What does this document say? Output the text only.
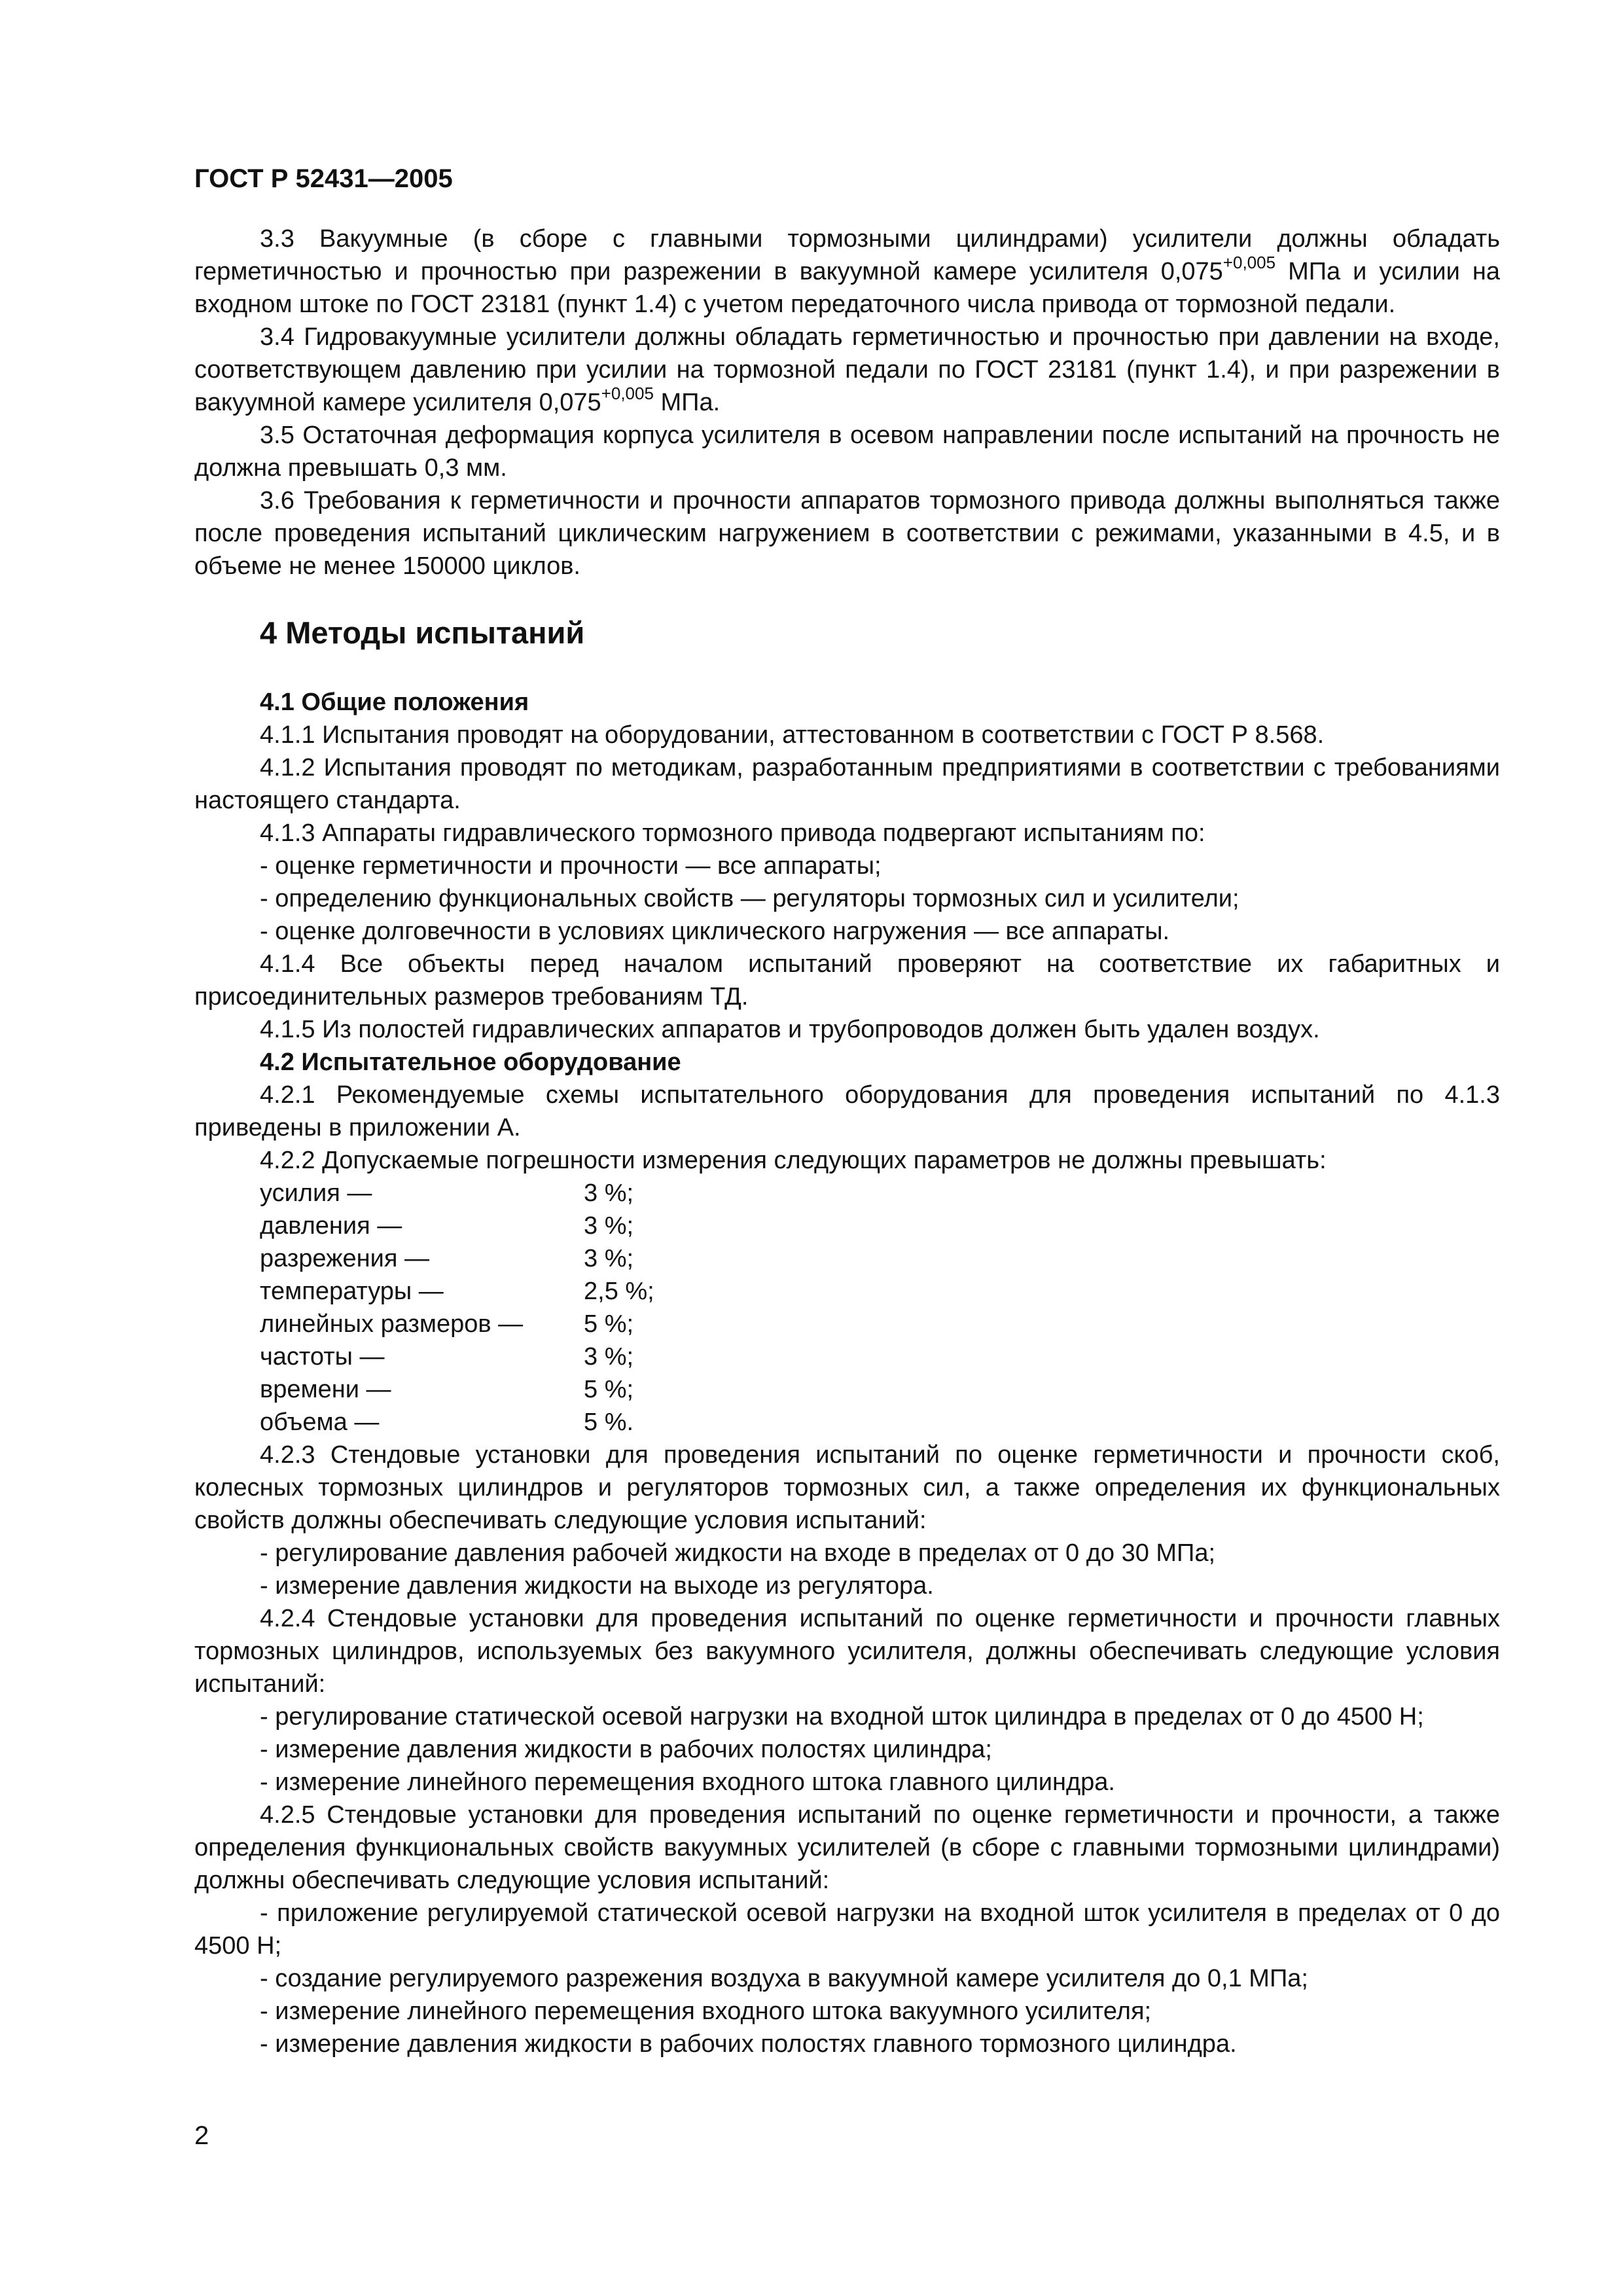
ГОСТ Р 52431—2005

3.3 Вакуумные (в сборе с главными тормозными цилиндрами) усилители должны обладать герметичностью и прочностью при разрежении в вакуумной камере усилителя $0,075^{+0,005}$ МПа и усилии на входном штоке по ГОСТ 23181 (пункт 1.4) с учетом передаточного числа привода от тормозной педали.

3.4 Гидровакуумные усилители должны обладать герметичностью и прочностью при давлении на входе, соответствующем давлению при усилии на тормозной педали по ГОСТ 23181 (пункт 1.4), и при разрежении в вакуумной камере усилителя $0,075^{+0,005}$ МПа.

3.5 Остаточная деформация корпуса усилителя в осевом направлении после испытаний на прочность не должна превышать 0,3 мм.

3.6 Требования к герметичности и прочности аппаратов тормозного привода должны выполняться также после проведения испытаний циклическим нагружением в соответствии с режимами, указанными в 4.5, и в объеме не менее 150000 циклов.

4 Методы испытаний
4.1 Общие положения

4.1.1 Испытания проводят на оборудовании, аттестованном в соответствии с ГОСТ Р 8.568.

4.1.2 Испытания проводят по методикам, разработанным предприятиями в соответствии с требованиями настоящего стандарта.

4.1.3 Аппараты гидравлического тормозного привода подвергают испытаниям по:

- оценке герметичности и прочности — все аппараты;

- определению функциональных свойств — регуляторы тормозных сил и усилители;

- оценке долговечности в условиях циклического нагружения — все аппараты.

4.1.4 Все объекты перед началом испытаний проверяют на соответствие их габаритных и присоединительных размеров требованиям ТД.

4.1.5 Из полостей гидравлических аппаратов и трубопроводов должен быть удален воздух.

4.2 Испытательное оборудование

4.2.1 Рекомендуемые схемы испытательного оборудования для проведения испытаний по 4.1.3 приведены в приложении А.

4.2.2 Допускаемые погрешности измерения следующих параметров не должны превышать:

усилия —	3 %;
давления —	3 %;
разрежения —	3 %;
температуры —	2,5 %;
линейных размеров —	5 %;
частоты —	3 %;
времени —	5 %;
объема —	5 %.

4.2.3 Стендовые установки для проведения испытаний по оценке герметичности и прочности скоб, колесных тормозных цилиндров и регуляторов тормозных сил, а также определения их функциональных свойств должны обеспечивать следующие условия испытаний:

- регулирование давления рабочей жидкости на входе в пределах от 0 до 30 МПа;

- измерение давления жидкости на выходе из регулятора.

4.2.4 Стендовые установки для проведения испытаний по оценке герметичности и прочности главных тормозных цилиндров, используемых без вакуумного усилителя, должны обеспечивать следующие условия испытаний:

- регулирование статической осевой нагрузки на входной шток цилиндра в пределах от 0 до 4500 Н;

- измерение давления жидкости в рабочих полостях цилиндра;

- измерение линейного перемещения входного штока главного цилиндра.

4.2.5 Стендовые установки для проведения испытаний по оценке герметичности и прочности, а также определения функциональных свойств вакуумных усилителей (в сборе с главными тормозными цилиндрами) должны обеспечивать следующие условия испытаний:

- приложение регулируемой статической осевой нагрузки на входной шток усилителя в пределах от 0 до 4500 Н;

- создание регулируемого разрежения воздуха в вакуумной камере усилителя до 0,1 МПа;

- измерение линейного перемещения входного штока вакуумного усилителя;

- измерение давления жидкости в рабочих полостях главного тормозного цилиндра.

2
